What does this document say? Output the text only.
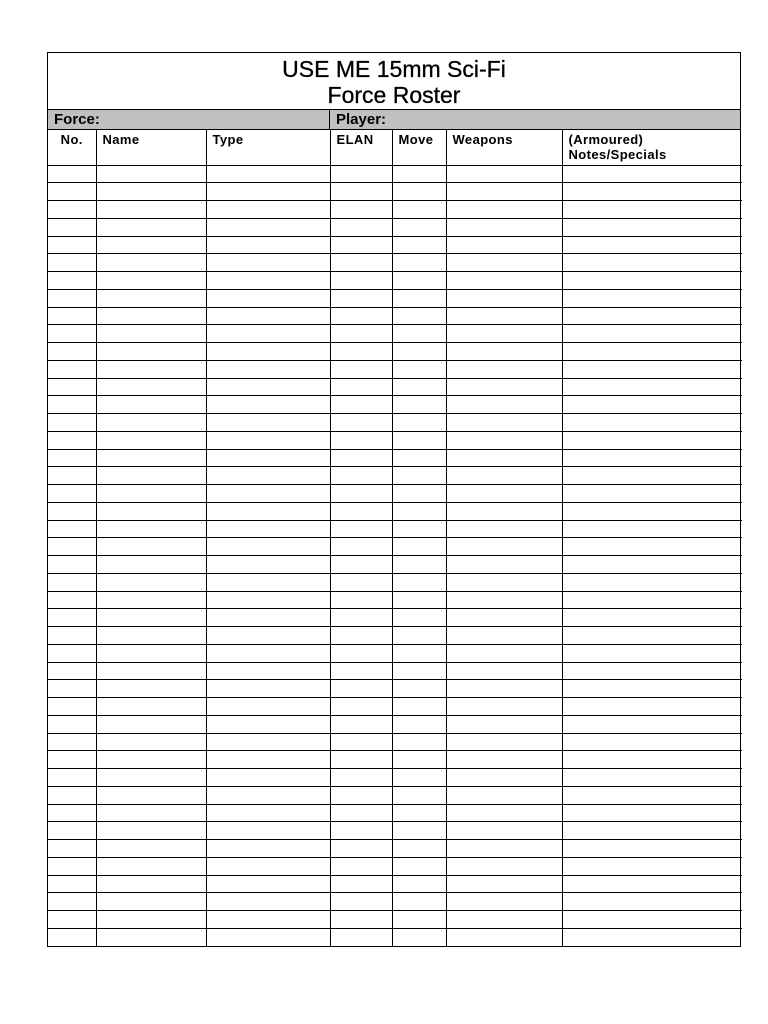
USE ME 15mm Sci-Fi
Force Roster
Force:	Player:
No.	Name	Type	ELAN	Move	Weapons	(Armoured)
Notes/Specials
